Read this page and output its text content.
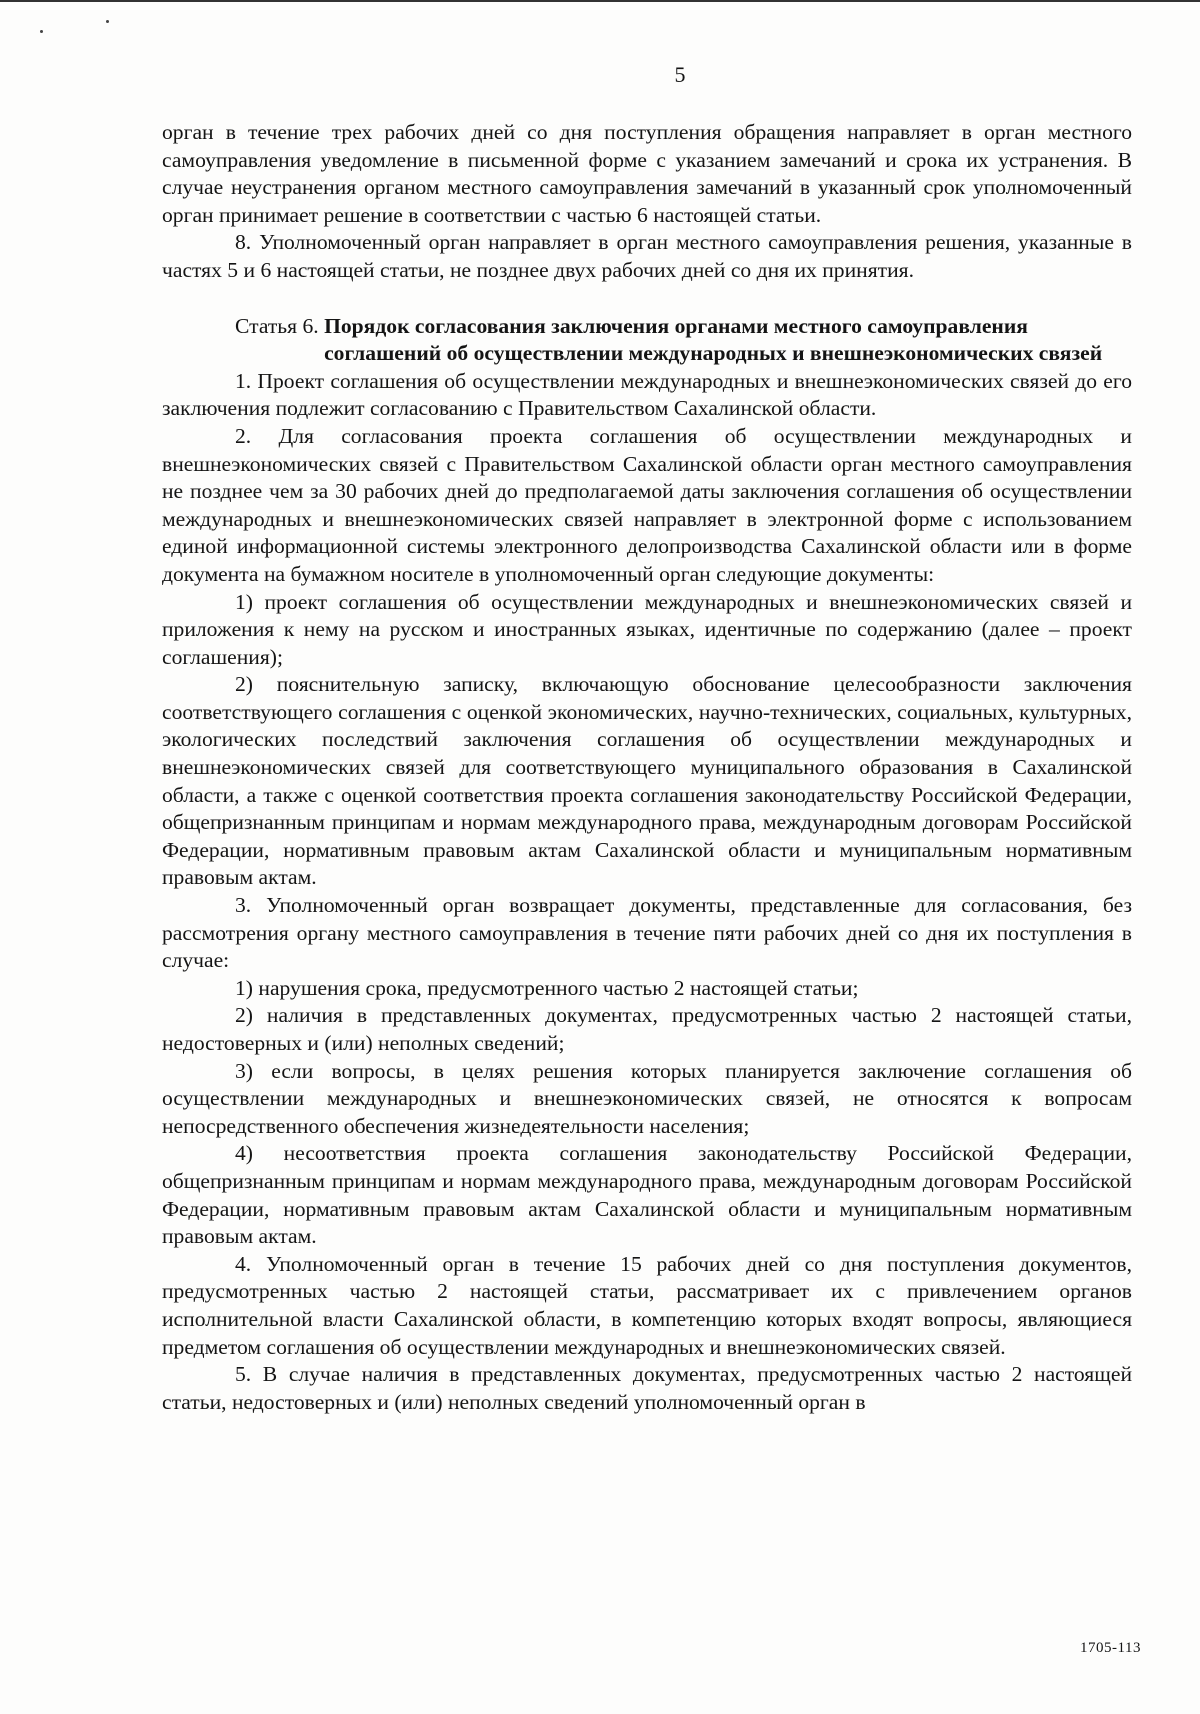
5

орган в течение трех рабочих дней со дня поступления обращения направляет в орган местного самоуправления уведомление в письменной форме с указанием замечаний и срока их устранения. В случае неустранения органом местного самоуправления замечаний в указанный срок уполномоченный орган принимает решение в соответствии с частью 6 настоящей статьи.

8. Уполномоченный орган направляет в орган местного самоуправления решения, указанные в частях 5 и 6 настоящей статьи, не позднее двух рабочих дней со дня их принятия.

Статья 6. Порядок согласования заключения органами местного самоуправления соглашений об осуществлении международных и внешнеэкономических связей

1. Проект соглашения об осуществлении международных и внешнеэкономических связей до его заключения подлежит согласованию с Правительством Сахалинской области.

2. Для согласования проекта соглашения об осуществлении международных и внешнеэкономических связей с Правительством Сахалинской области орган местного самоуправления не позднее чем за 30 рабочих дней до предполагаемой даты заключения соглашения об осуществлении международных и внешнеэкономических связей направляет в электронной форме с использованием единой информационной системы электронного делопроизводства Сахалинской области или в форме документа на бумажном носителе в уполномоченный орган следующие документы:

1) проект соглашения об осуществлении международных и внешнеэкономических связей и приложения к нему на русском и иностранных языках, идентичные по содержанию (далее – проект соглашения);

2) пояснительную записку, включающую обоснование целесообразности заключения соответствующего соглашения с оценкой экономических, научно-технических, социальных, культурных, экологических последствий заключения соглашения об осуществлении международных и внешнеэкономических связей для соответствующего муниципального образования в Сахалинской области, а также с оценкой соответствия проекта соглашения законодательству Российской Федерации, общепризнанным принципам и нормам международного права, международным договорам Российской Федерации, нормативным правовым актам Сахалинской области и муниципальным нормативным правовым актам.

3. Уполномоченный орган возвращает документы, представленные для согласования, без рассмотрения органу местного самоуправления в течение пяти рабочих дней со дня их поступления в случае:

1) нарушения срока, предусмотренного частью 2 настоящей статьи;

2) наличия в представленных документах, предусмотренных частью 2 настоящей статьи, недостоверных и (или) неполных сведений;

3) если вопросы, в целях решения которых планируется заключение соглашения об осуществлении международных и внешнеэкономических связей, не относятся к вопросам непосредственного обеспечения жизнедеятельности населения;

4) несоответствия проекта соглашения законодательству Российской Федерации, общепризнанным принципам и нормам международного права, международным договорам Российской Федерации, нормативным правовым актам Сахалинской области и муниципальным нормативным правовым актам.

4. Уполномоченный орган в течение 15 рабочих дней со дня поступления документов, предусмотренных частью 2 настоящей статьи, рассматривает их с привлечением органов исполнительной власти Сахалинской области, в компетенцию которых входят вопросы, являющиеся предметом соглашения об осуществлении международных и внешнеэкономических связей.

5. В случае наличия в представленных документах, предусмотренных частью 2 настоящей статьи, недостоверных и (или) неполных сведений уполномоченный орган в

1705-113
